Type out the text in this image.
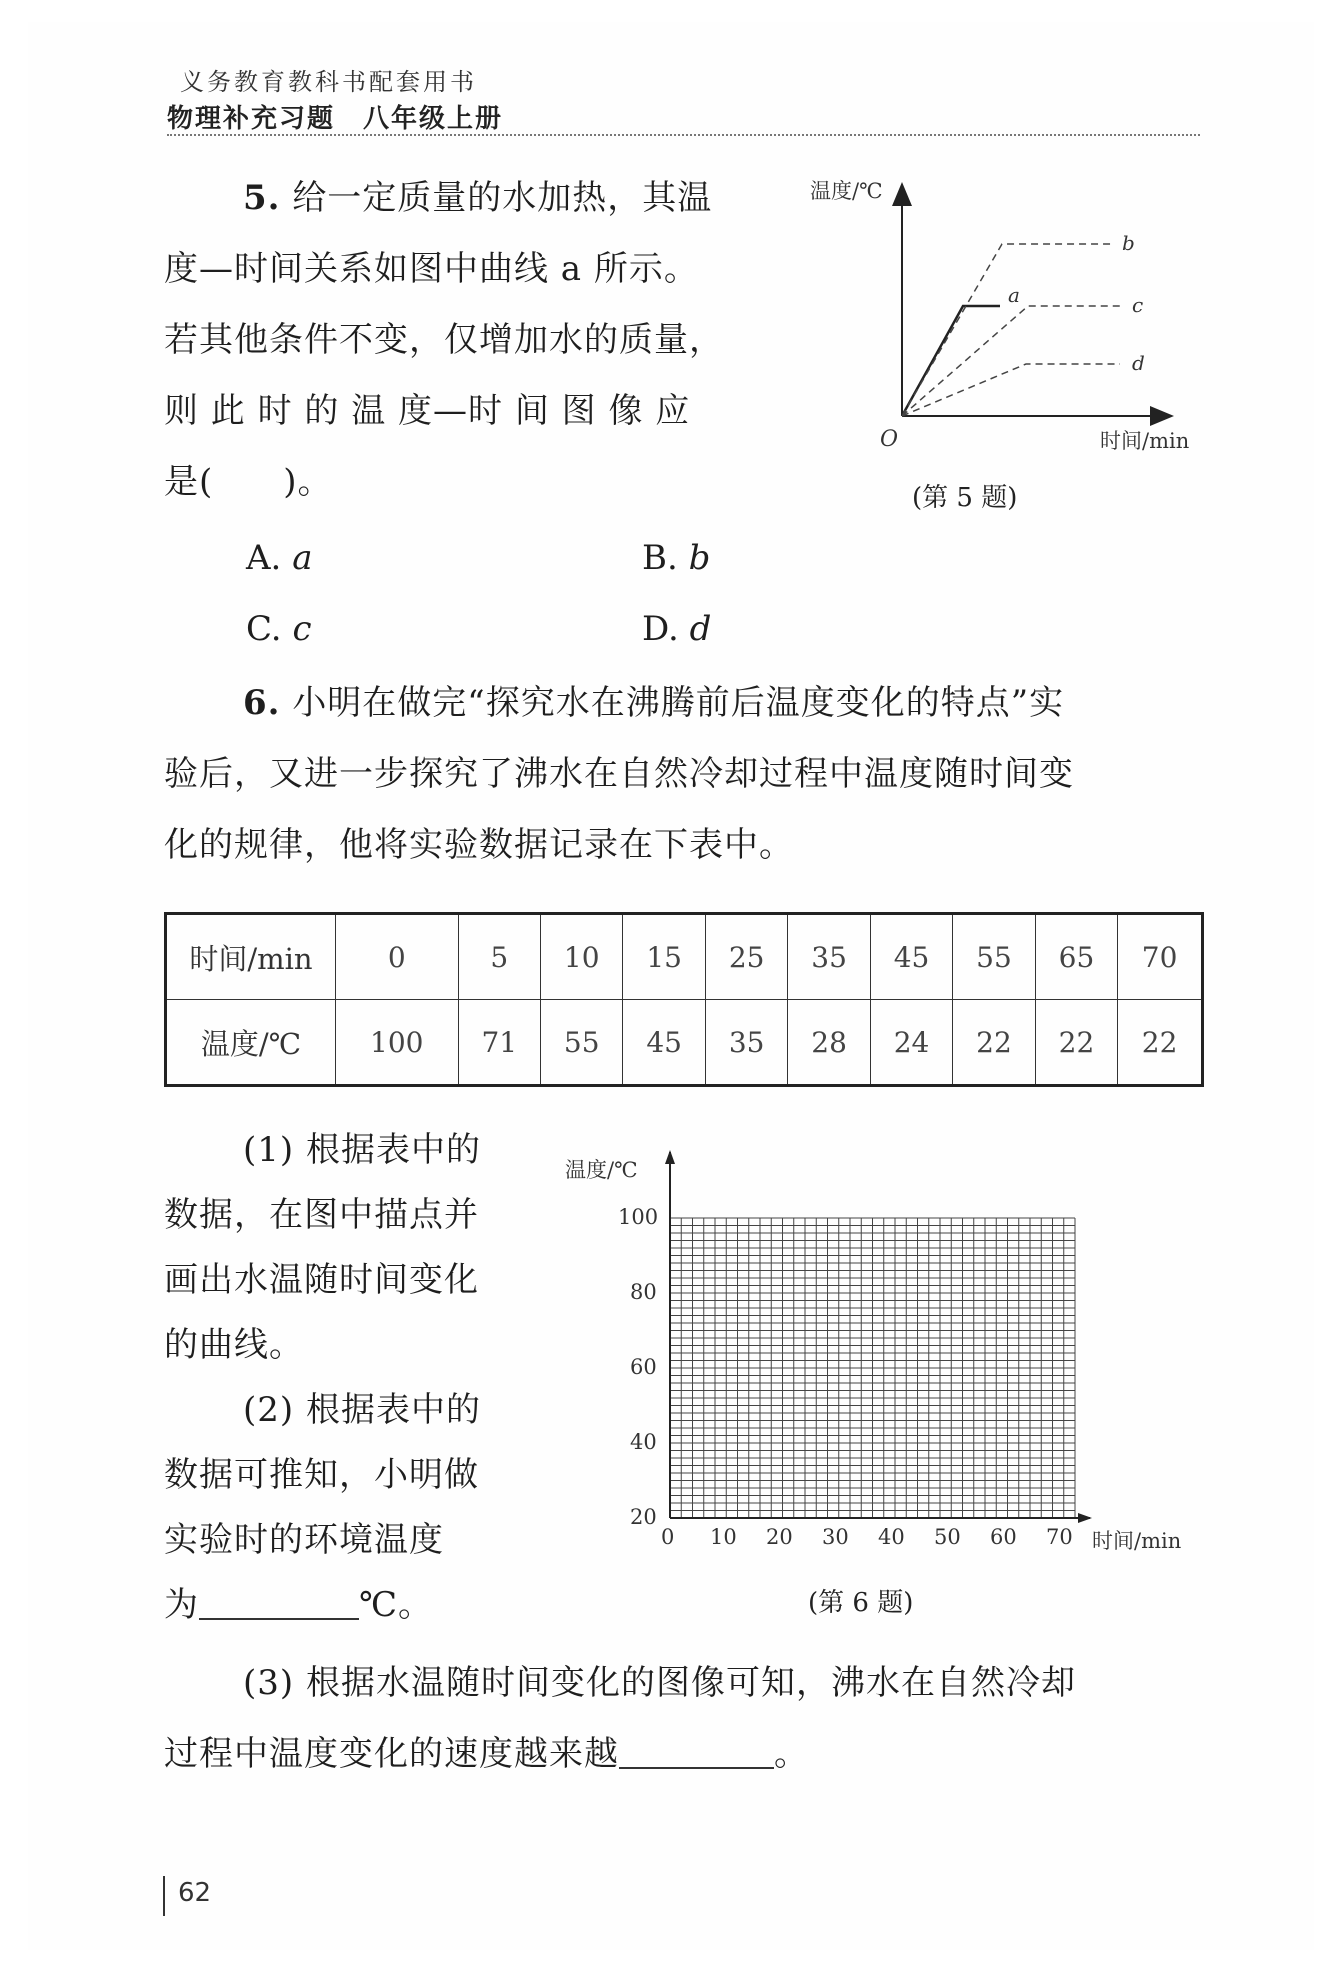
义务教育教科书配套用书
物理补充习题　八年级上册
5. 给一定质量的水加热，其温
度—时间关系如图中曲线 a 所示。
若其他条件不变，仅增加水的质量，
则 此 时 的 温 度—时 间 图 像 应
是(　　)。
A. a	B. b
C. c	D. d
温度/℃
时间/min
O
a
b
c
d
(第 5 题)
6. 小明在做完“探究水在沸腾前后温度变化的特点”实
验后，又进一步探究了沸水在自然冷却过程中温度随时间变
化的规律，他将实验数据记录在下表中。
时间/min	0	5	10	15	25	35	45	55	65	70
温度/℃	100	71	55	45	35	28	24	22	22	22
(1) 根据表中的
数据，在图中描点并
画出水温随时间变化
的曲线。
(2) 根据表中的
数据可推知，小明做
实验时的环境温度
为	℃。
温度/℃
时间/min
100
80
60
40
20
0 10 20 30 40 50 60 70
(第 6 题)
(3) 根据水温随时间变化的图像可知，沸水在自然冷却
过程中温度变化的速度越来越	。
62
